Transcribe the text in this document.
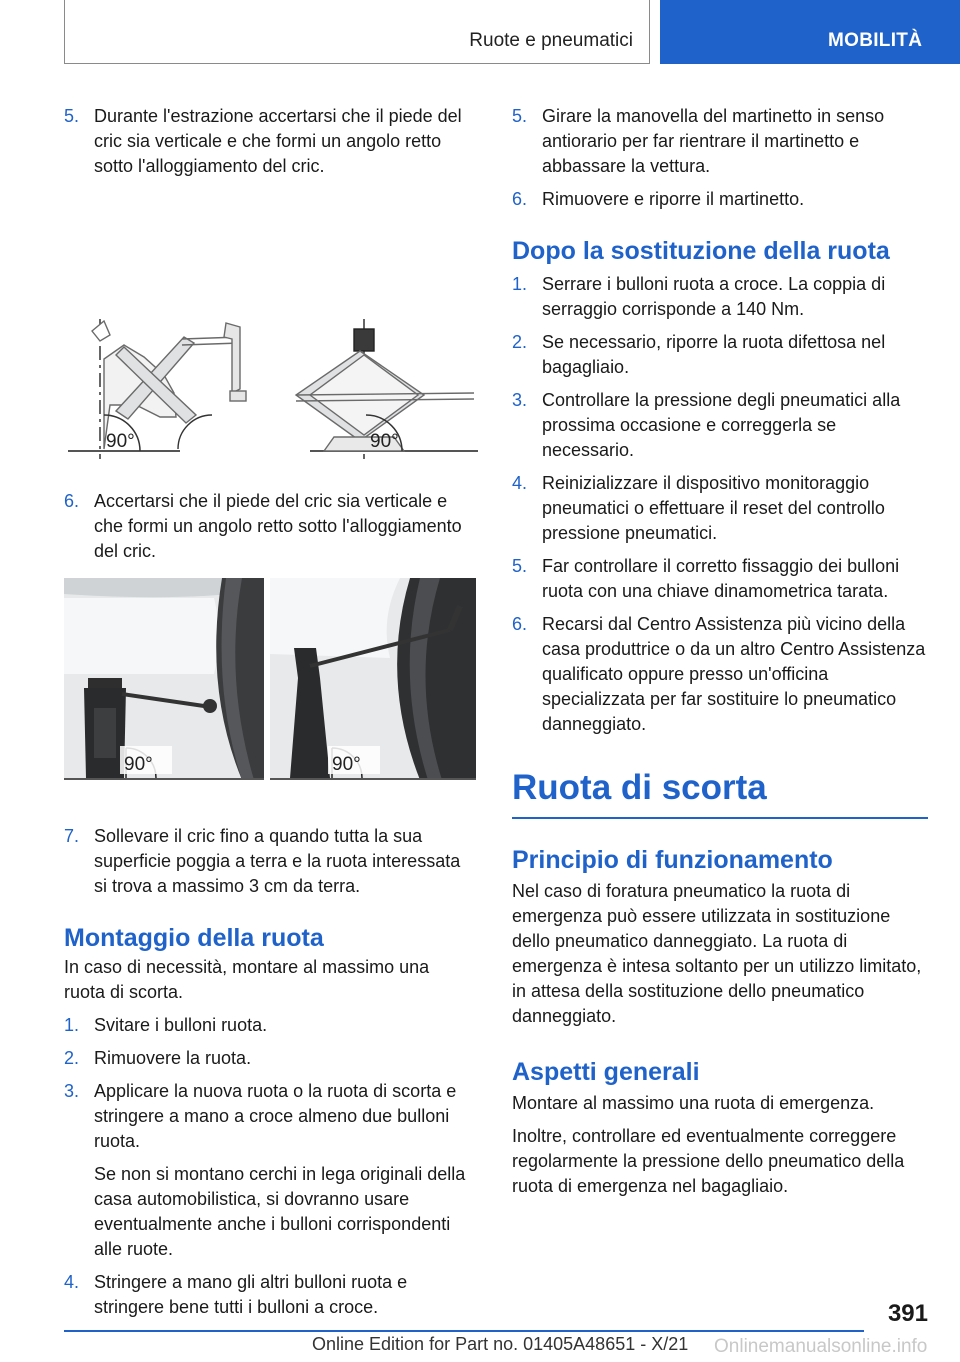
Ruote e pneumatici	MOBILITÀ
5. Durante l'estrazione accertarsi che il piede del cric sia verticale e che formi un angolo retto sotto l'alloggiamento del cric.
90°	90°
6. Accertarsi che il piede del cric sia verticale e che formi un angolo retto sotto l'alloggiamento del cric.
90°	90°
7. Sollevare il cric fino a quando tutta la sua superficie poggia a terra e la ruota interessata si trova a massimo 3 cm da terra.
Montaggio della ruota
In caso di necessità, montare al massimo una ruota di scorta.
1. Svitare i bulloni ruota.
2. Rimuovere la ruota.
3. Applicare la nuova ruota o la ruota di scorta e stringere a mano a croce almeno due bulloni ruota.
Se non si montano cerchi in lega originali della casa automobilistica, si dovranno usare eventualmente anche i bulloni corrispondenti alle ruote.
4. Stringere a mano gli altri bulloni ruota e stringere bene tutti i bulloni a croce.
5. Girare la manovella del martinetto in senso antiorario per far rientrare il martinetto e abbassare la vettura.
6. Rimuovere e riporre il martinetto.
Dopo la sostituzione della ruota
1. Serrare i bulloni ruota a croce. La coppia di serraggio corrisponde a 140 Nm.
2. Se necessario, riporre la ruota difettosa nel bagagliaio.
3. Controllare la pressione degli pneumatici alla prossima occasione e correggerla se necessario.
4. Reinizializzare il dispositivo monitoraggio pneumatici o effettuare il reset del controllo pressione pneumatici.
5. Far controllare il corretto fissaggio dei bulloni ruota con una chiave dinamometrica tarata.
6. Recarsi dal Centro Assistenza più vicino della casa produttrice o da un altro Centro Assistenza qualificato oppure presso un'officina specializzata per far sostituire lo pneumatico danneggiato.
Ruota di scorta
Principio di funzionamento
Nel caso di foratura pneumatico la ruota di emergenza può essere utilizzata in sostituzione dello pneumatico danneggiato. La ruota di emergenza è intesa soltanto per un utilizzo limitato, in attesa della sostituzione dello pneumatico danneggiato.
Aspetti generali
Montare al massimo una ruota di emergenza.
Inoltre, controllare ed eventualmente correggere regolarmente la pressione dello pneumatico della ruota di emergenza nel bagagliaio.
391
Online Edition for Part no. 01405A48651 - X/21 Onlinemanualsonline.info
